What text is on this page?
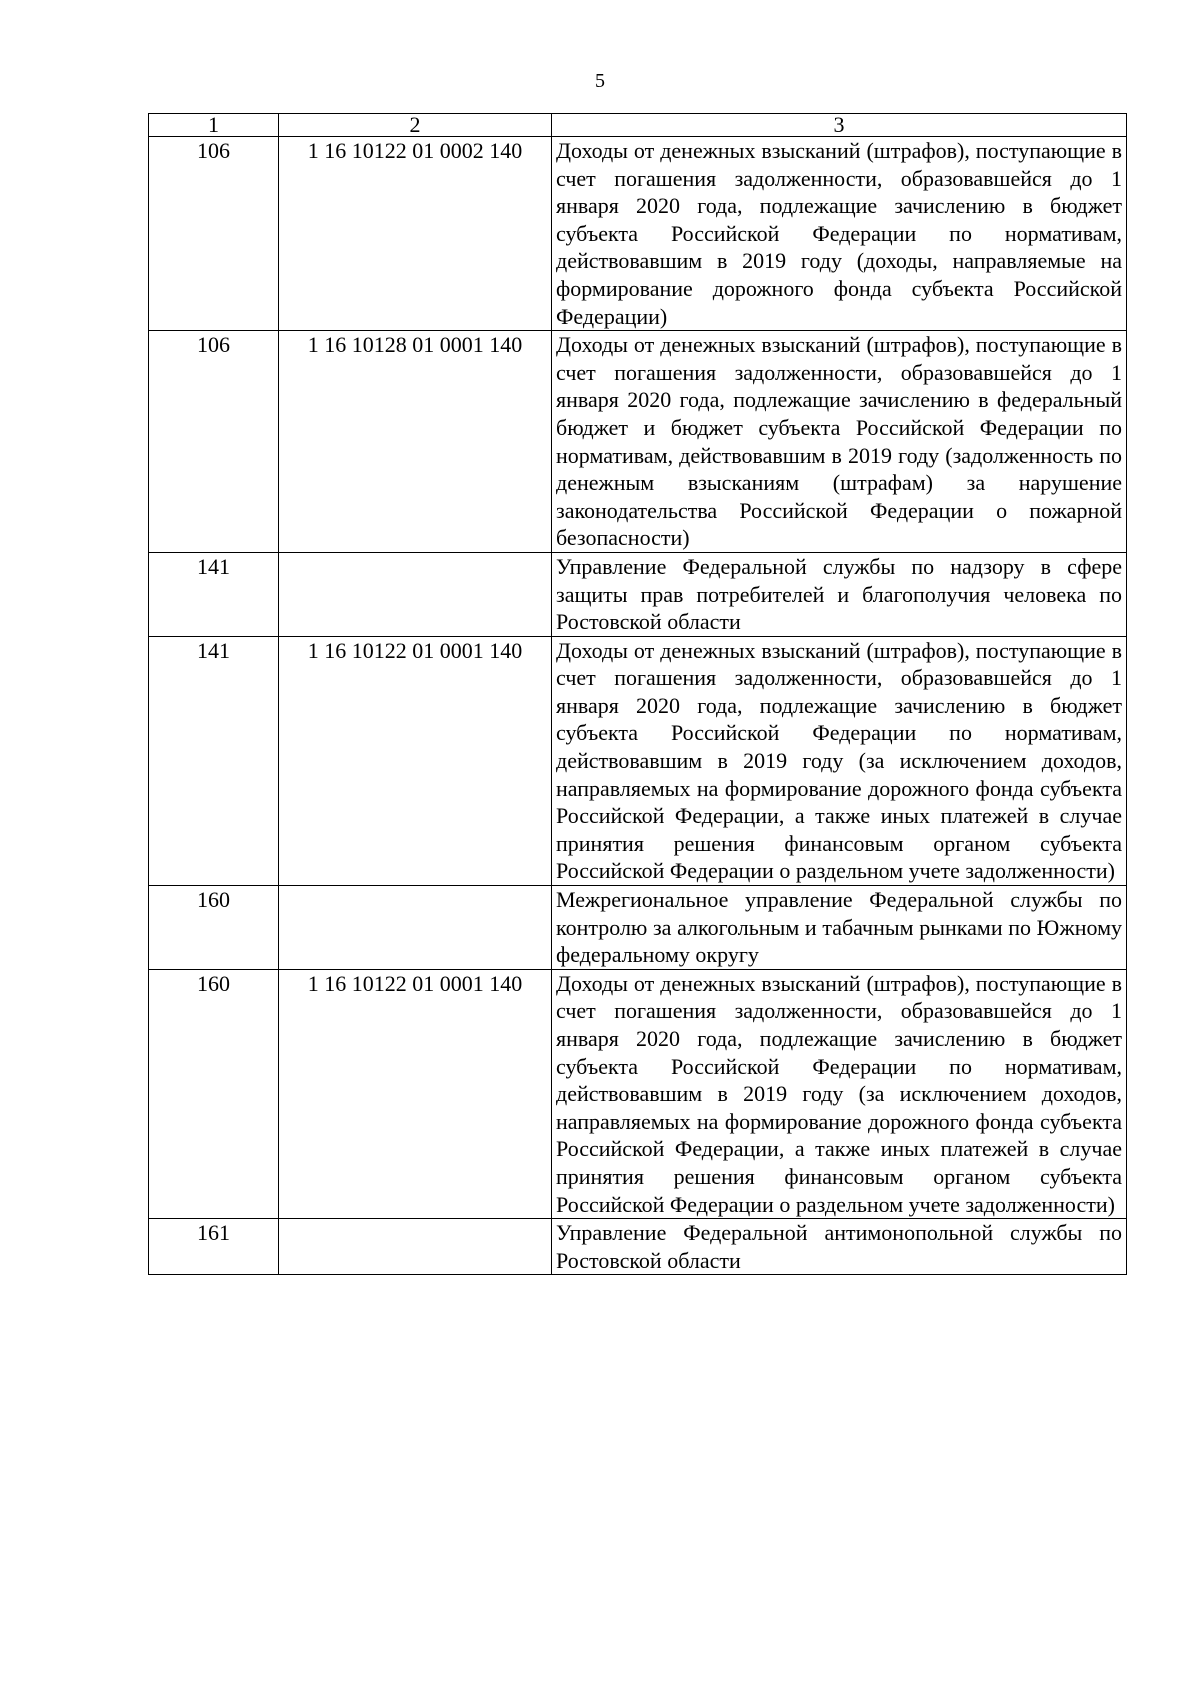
5
1	2	3
106	1 16 10122 01 0002 140	Доходы от денежных взысканий (штрафов), поступающие в счет погашения задолженности, образовавшейся до 1 января 2020 года, подлежащие зачислению в бюджет субъекта Российской Федерации по нормативам, действовавшим в 2019 году (доходы, направляемые на формирование дорожного фонда субъекта Российской Федерации)
106	1 16 10128 01 0001 140	Доходы от денежных взысканий (штрафов), поступающие в счет погашения задолженности, образовавшейся до 1 января 2020 года, подлежащие зачислению в федеральный бюджет и бюджет субъекта Российской Федерации по нормативам, действовавшим в 2019 году (задолженность по денежным взысканиям (штрафам) за нарушение законодательства Российской Федерации о пожарной безопасности)
141		Управление Федеральной службы по надзору в сфере защиты прав потребителей и благополучия человека по Ростовской области
141	1 16 10122 01 0001 140	Доходы от денежных взысканий (штрафов), поступающие в счет погашения задолженности, образовавшейся до 1 января 2020 года, подлежащие зачислению в бюджет субъекта Российской Федерации по нормативам, действовавшим в 2019 году (за исключением доходов, направляемых на формирование дорожного фонда субъекта Российской Федерации, а также иных платежей в случае принятия решения финансовым органом субъекта Российской Федерации о раздельном учете задолженности)
160		Межрегиональное управление Федеральной службы по контролю за алкогольным и табачным рынками по Южному федеральному округу
160	1 16 10122 01 0001 140	Доходы от денежных взысканий (штрафов), поступающие в счет погашения задолженности, образовавшейся до 1 января 2020 года, подлежащие зачислению в бюджет субъекта Российской Федерации по нормативам, действовавшим в 2019 году (за исключением доходов, направляемых на формирование дорожного фонда субъекта Российской Федерации, а также иных платежей в случае принятия решения финансовым органом субъекта Российской Федерации о раздельном учете задолженности)
161		Управление Федеральной антимонопольной службы по Ростовской области
